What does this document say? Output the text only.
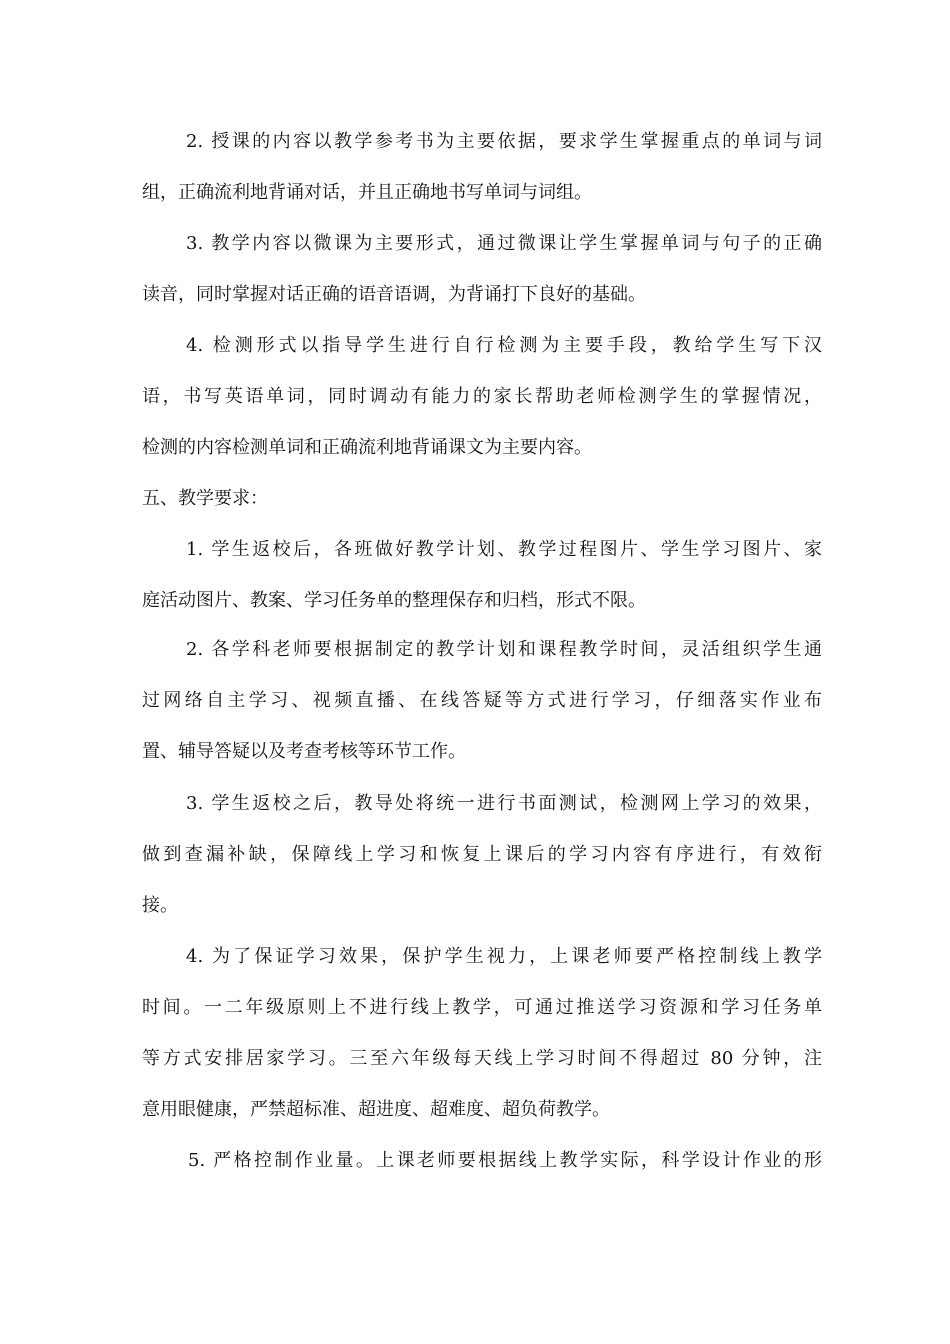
2. 授课的内容以教学参考书为主要依据，要求学生掌握重点的单词与词
组，正确流利地背诵对话，并且正确地书写单词与词组。
3. 教学内容以微课为主要形式，通过微课让学生掌握单词与句子的正确
读音，同时掌握对话正确的语音语调，为背诵打下良好的基础。
4. 检测形式以指导学生进行自行检测为主要手段，教给学生写下汉
语，书写英语单词，同时调动有能力的家长帮助老师检测学生的掌握情况，
检测的内容检测单词和正确流利地背诵课文为主要内容。
五、教学要求：
1. 学生返校后，各班做好教学计划、教学过程图片、学生学习图片、家
庭活动图片、教案、学习任务单的整理保存和归档，形式不限。
2. 各学科老师要根据制定的教学计划和课程教学时间，灵活组织学生通
过网络自主学习、视频直播、在线答疑等方式进行学习，仔细落实作业布
置、辅导答疑以及考查考核等环节工作。
3. 学生返校之后，教导处将统一进行书面测试，检测网上学习的效果，
做到查漏补缺，保障线上学习和恢复上课后的学习内容有序进行，有效衔
接。
4. 为了保证学习效果，保护学生视力，上课老师要严格控制线上教学
时间。一二年级原则上不进行线上教学，可通过推送学习资源和学习任务单
等方式安排居家学习。三至六年级每天线上学习时间不得超过 80 分钟，注
意用眼健康，严禁超标准、超进度、超难度、超负荷教学。
5. 严格控制作业量。上课老师要根据线上教学实际，科学设计作业的形
